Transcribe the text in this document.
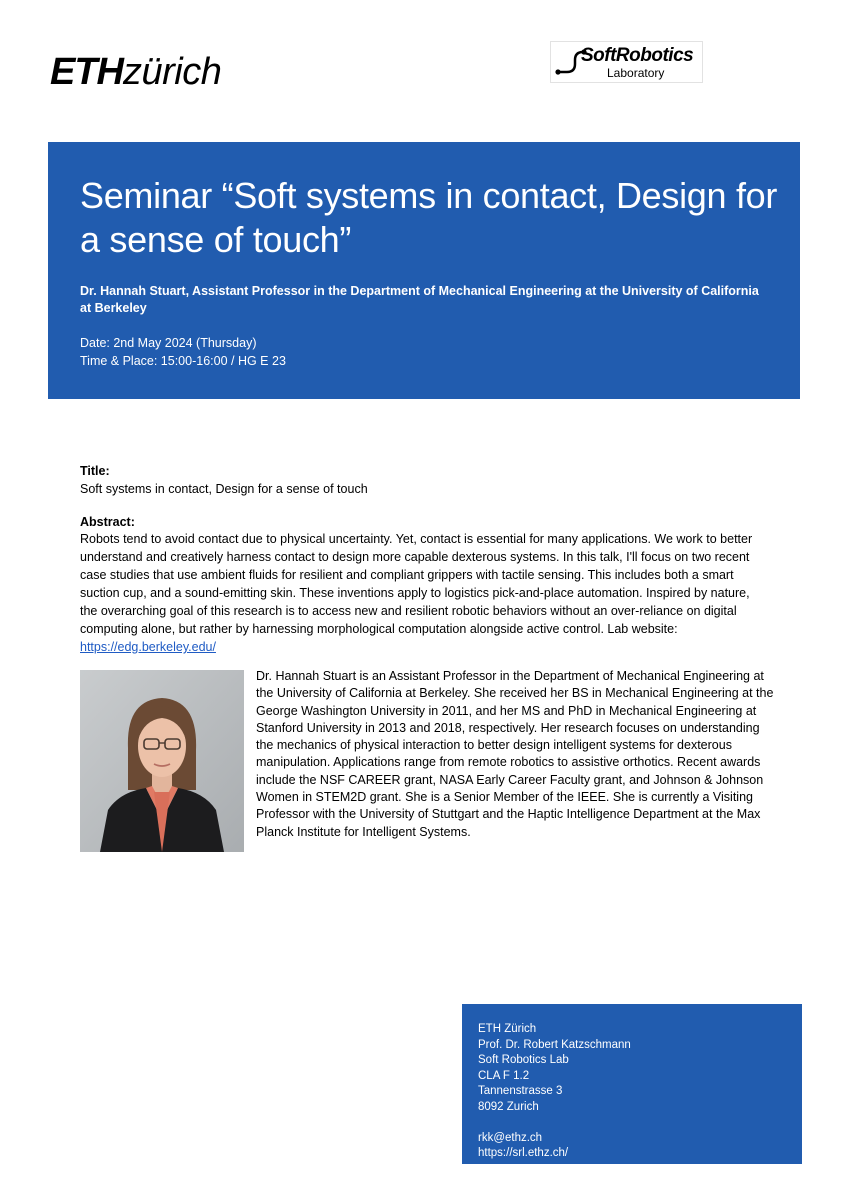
ETHzürich	SoftRobotics
Laboratory
Seminar “Soft systems in contact, Design for a sense of touch”
Dr. Hannah Stuart, Assistant Professor in the Department of Mechanical Engineering at the University of California at Berkeley
Date: 2nd May 2024 (Thursday)
Time & Place: 15:00-16:00 / HG E 23
Title:
Soft systems in contact, Design for a sense of touch
Abstract:
Robots tend to avoid contact due to physical uncertainty. Yet, contact is essential for many applications. We work to better understand and creatively harness contact to design more capable dexterous systems. In this talk, I'll focus on two recent case studies that use ambient fluids for resilient and compliant grippers with tactile sensing. This includes both a smart suction cup, and a sound-emitting skin. These inventions apply to logistics pick-and-place automation. Inspired by nature, the overarching goal of this research is to access new and resilient robotic behaviors without an over-reliance on digital computing alone, but rather by harnessing morphological computation alongside active control. Lab website: https://edg.berkeley.edu/
Dr. Hannah Stuart is an Assistant Professor in the Department of Mechanical Engineering at the University of California at Berkeley. She received her BS in Mechanical Engineering at the George Washington University in 2011, and her MS and PhD in Mechanical Engineering at Stanford University in 2013 and 2018, respectively. Her research focuses on understanding the mechanics of physical interaction to better design intelligent systems for dexterous manipulation. Applications range from remote robotics to assistive orthotics. Recent awards include the NSF CAREER grant, NASA Early Career Faculty grant, and Johnson & Johnson Women in STEM2D grant. She is a Senior Member of the IEEE. She is currently a Visiting Professor with the University of Stuttgart and the Haptic Intelligence Department at the Max Planck Institute for Intelligent Systems.
ETH Zürich
Prof. Dr. Robert Katzschmann
Soft Robotics Lab
CLA F 1.2
Tannenstrasse 3
8092 Zurich
rkk@ethz.ch
https://srl.ethz.ch/
